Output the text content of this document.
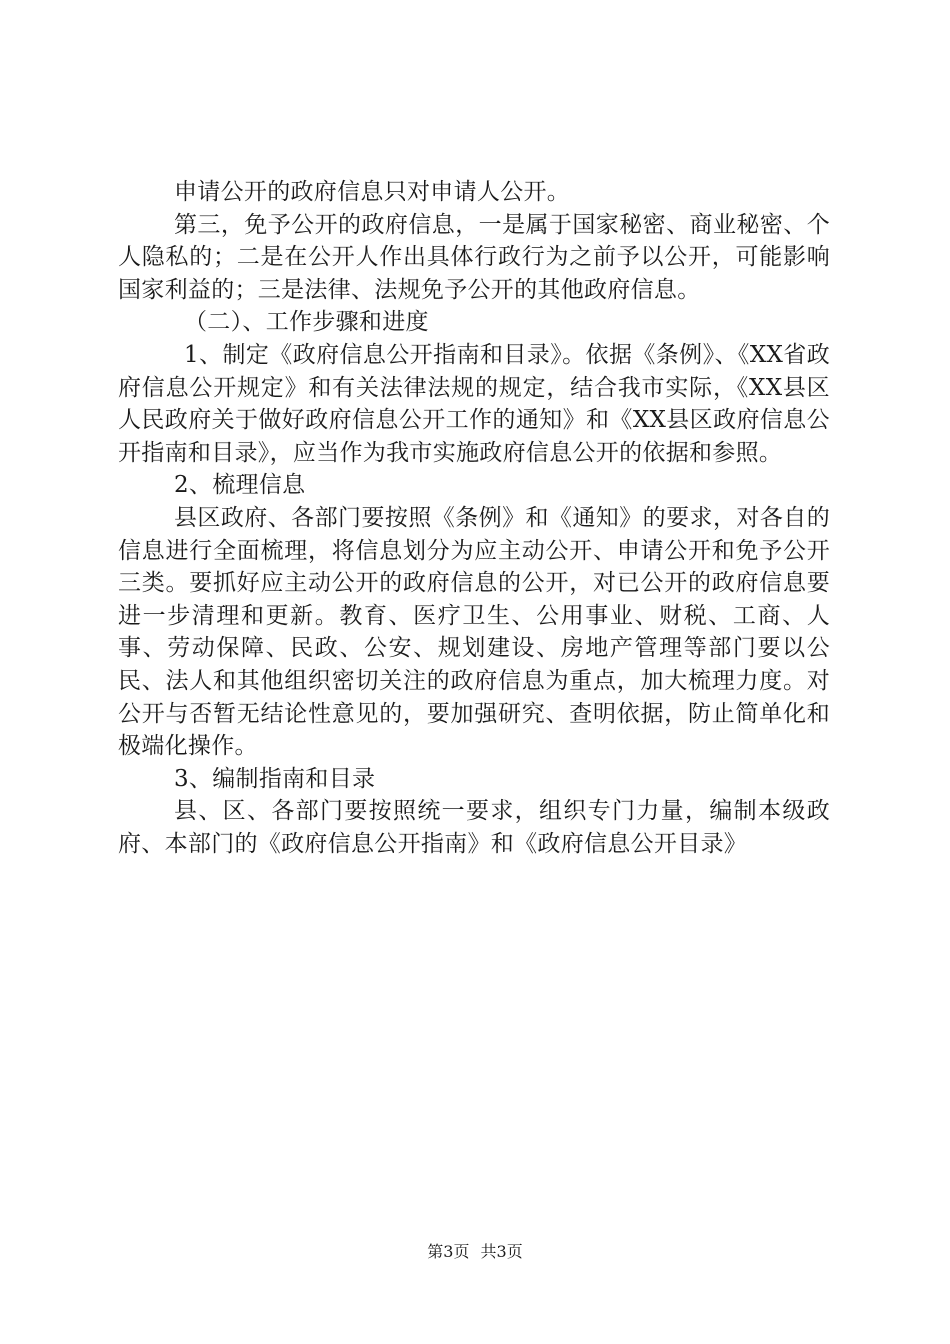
申请公开的政府信息只对申请人公开。

第三，免予公开的政府信息，一是属于国家秘密、商业秘密、个人隐私的；二是在公开人作出具体行政行为之前予以公开，可能影响国家利益的；三是法律、法规免予公开的其他政府信息。

（二）、工作步骤和进度

1、制定《政府信息公开指南和目录》。依据《条例》、《XX省政府信息公开规定》和有关法律法规的规定，结合我市实际，《XX县区人民政府关于做好政府信息公开工作的通知》和《XX县区政府信息公开指南和目录》，应当作为我市实施政府信息公开的依据和参照。

2、梳理信息

县区政府、各部门要按照《条例》和《通知》的要求，对各自的信息进行全面梳理，将信息划分为应主动公开、申请公开和免予公开三类。要抓好应主动公开的政府信息的公开，对已公开的政府信息要进一步清理和更新。教育、医疗卫生、公用事业、财税、工商、人事、劳动保障、民政、公安、规划建设、房地产管理等部门要以公民、法人和其他组织密切关注的政府信息为重点，加大梳理力度。对公开与否暂无结论性意见的，要加强研究、查明依据，防止简单化和极端化操作。

3、编制指南和目录

县、区、各部门要按照统一要求，组织专门力量，编制本级政府、本部门的《政府信息公开指南》和《政府信息公开目录》

第3页 共3页
